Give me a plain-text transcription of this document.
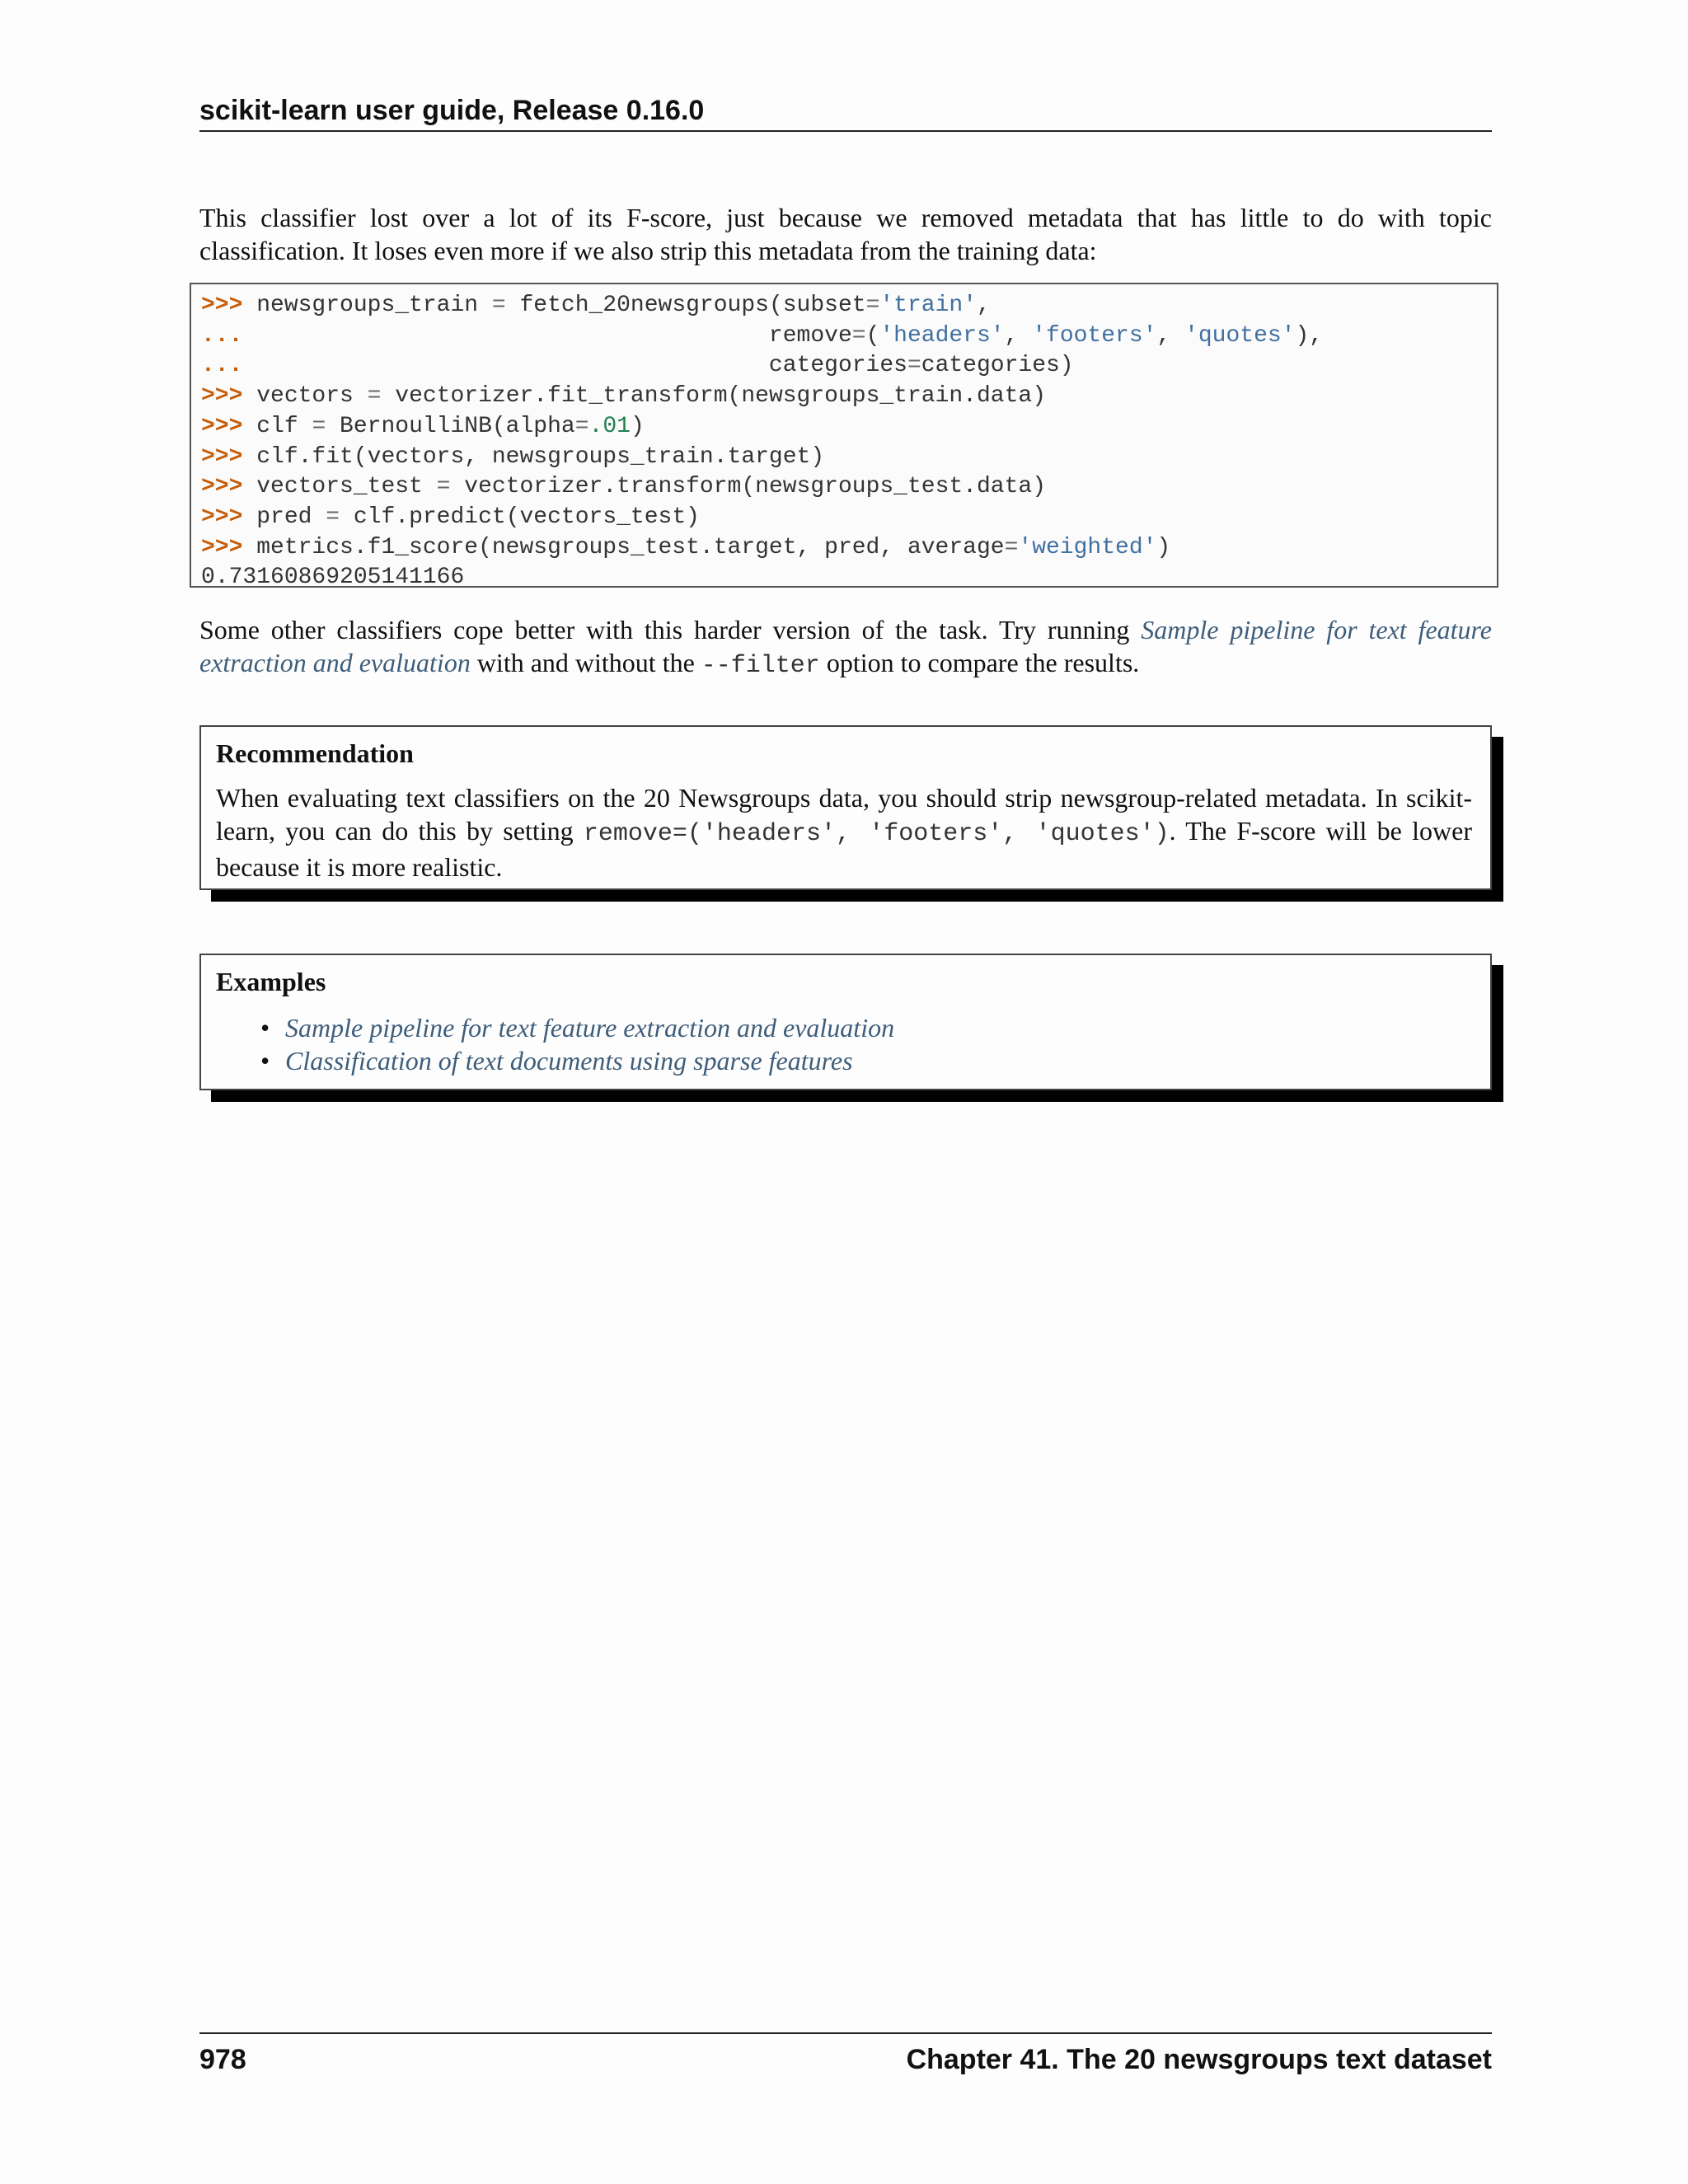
scikit-learn user guide, Release 0.16.0
This classifier lost over a lot of its F-score, just because we removed metadata that has little to do with topic classification. It loses even more if we also strip this metadata from the training data:
>>> newsgroups_train = fetch_20newsgroups(subset='train',
...                                      remove=('headers', 'footers', 'quotes'),
...                                      categories=categories)
>>> vectors = vectorizer.fit_transform(newsgroups_train.data)
>>> clf = BernoulliNB(alpha=.01)
>>> clf.fit(vectors, newsgroups_train.target)
>>> vectors_test = vectorizer.transform(newsgroups_test.data)
>>> pred = clf.predict(vectors_test)
>>> metrics.f1_score(newsgroups_test.target, pred, average='weighted')
0.73160869205141166
Some other classifiers cope better with this harder version of the task. Try running Sample pipeline for text feature extraction and evaluation with and without the --filter option to compare the results.
Recommendation
When evaluating text classifiers on the 20 Newsgroups data, you should strip newsgroup-related metadata. In scikit-learn, you can do this by setting remove=('headers', 'footers', 'quotes'). The F-score will be lower because it is more realistic.
Examples
• Sample pipeline for text feature extraction and evaluation
• Classification of text documents using sparse features
978	Chapter 41. The 20 newsgroups text dataset
